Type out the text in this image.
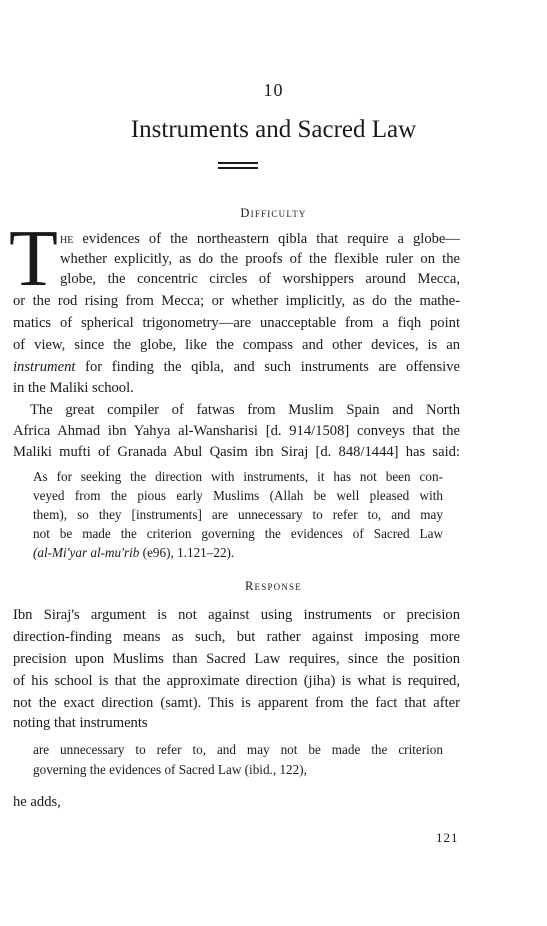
10
Instruments and Sacred Law
Difficulty
T he evidences of the northeastern qibla that require a globe—
whether explicitly, as do the proofs of the flexible ruler on the
globe, the concentric circles of worshippers around Mecca,
or the rod rising from Mecca; or whether implicitly, as do the mathe-
matics of spherical trigonometry—are unacceptable from a fiqh point
of view, since the globe, like the compass and other devices, is an
instrument for finding the qibla, and such instruments are offensive
in the Maliki school.
The great compiler of fatwas from Muslim Spain and North
Africa Ahmad ibn Yahya al-Wansharisi [d. 914/1508] conveys that the
Maliki mufti of Granada Abul Qasim ibn Siraj [d. 848/1444] has said:
As for seeking the direction with instruments, it has not been con-
veyed from the pious early Muslims (Allah be well pleased with
them), so they [instruments] are unnecessary to refer to, and may
not be made the criterion governing the evidences of Sacred Law
(al-Mi'yar al-mu'rib (e96), 1.121–22).
Response
Ibn Siraj's argument is not against using instruments or precision
direction-finding means as such, but rather against imposing more
precision upon Muslims than Sacred Law requires, since the position
of his school is that the approximate direction (jiha) is what is required,
not the exact direction (samt). This is apparent from the fact that after
noting that instruments
are unnecessary to refer to, and may not be made the criterion
governing the evidences of Sacred Law (ibid., 122),
he adds,
121
